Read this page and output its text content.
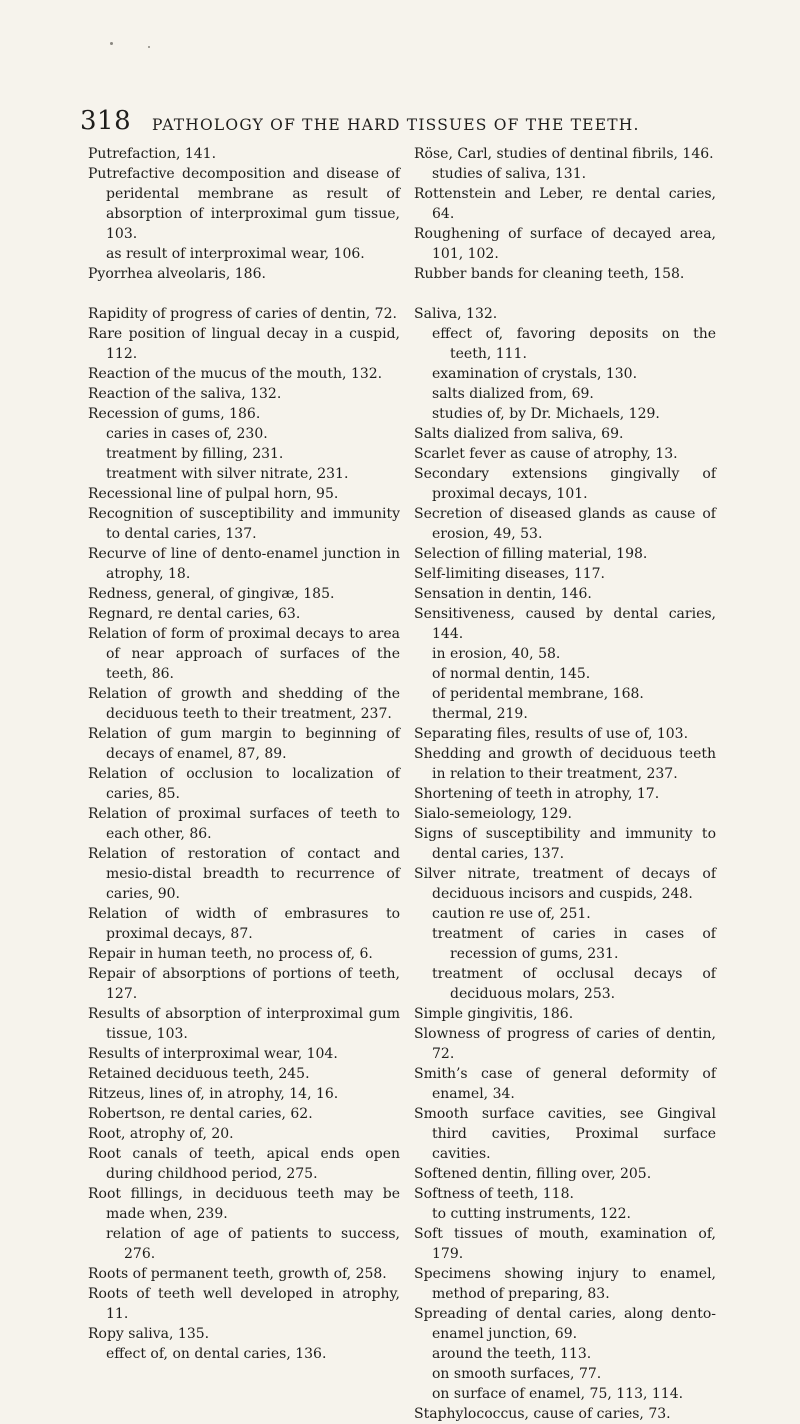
318 PATHOLOGY OF THE HARD TISSUES OF THE TEETH.

Putrefaction, 141.

Putrefactive decomposition and disease of peridental membrane as result of absorption of interproximal gum tissue, 103.

as result of interproximal wear, 106.

Pyorrhea alveolaris, 186.

Rapidity of progress of caries of dentin, 72.

Rare position of lingual decay in a cuspid, 112.

Reaction of the mucus of the mouth, 132.

Reaction of the saliva, 132.

Recession of gums, 186.

caries in cases of, 230.

treatment by filling, 231.

treatment with silver nitrate, 231.

Recessional line of pulpal horn, 95.

Recognition of susceptibility and immunity to dental caries, 137.

Recurve of line of dento-enamel junction in atrophy, 18.

Redness, general, of gingivæ, 185.

Regnard, re dental caries, 63.

Relation of form of proximal decays to area of near approach of surfaces of the teeth, 86.

Relation of growth and shedding of the deciduous teeth to their treatment, 237.

Relation of gum margin to beginning of decays of enamel, 87, 89.

Relation of occlusion to localization of caries, 85.

Relation of proximal surfaces of teeth to each other, 86.

Relation of restoration of contact and mesio-distal breadth to recurrence of caries, 90.

Relation of width of embrasures to proximal decays, 87.

Repair in human teeth, no process of, 6.

Repair of absorptions of portions of teeth, 127.

Results of absorption of interproximal gum tissue, 103.

Results of interproximal wear, 104.

Retained deciduous teeth, 245.

Ritzeus, lines of, in atrophy, 14, 16.

Robertson, re dental caries, 62.

Root, atrophy of, 20.

Root canals of teeth, apical ends open during childhood period, 275.

Root fillings, in deciduous teeth may be made when, 239.

relation of age of patients to success, 276.

Roots of permanent teeth, growth of, 258.

Roots of teeth well developed in atrophy, 11.

Ropy saliva, 135.

effect of, on dental caries, 136.

Röse, Carl, studies of dentinal fibrils, 146.

studies of saliva, 131.

Rottenstein and Leber, re dental caries, 64.

Roughening of surface of decayed area, 101, 102.

Rubber bands for cleaning teeth, 158.

Saliva, 132.

effect of, favoring deposits on the teeth, 111.

examination of crystals, 130.

salts dialized from, 69.

studies of, by Dr. Michaels, 129.

Salts dialized from saliva, 69.

Scarlet fever as cause of atrophy, 13.

Secondary extensions gingivally of proximal decays, 101.

Secretion of diseased glands as cause of erosion, 49, 53.

Selection of filling material, 198.

Self-limiting diseases, 117.

Sensation in dentin, 146.

Sensitiveness, caused by dental caries, 144.

in erosion, 40, 58.

of normal dentin, 145.

of peridental membrane, 168.

thermal, 219.

Separating files, results of use of, 103.

Shedding and growth of deciduous teeth in relation to their treatment, 237.

Shortening of teeth in atrophy, 17.

Sialo-semeiology, 129.

Signs of susceptibility and immunity to dental caries, 137.

Silver nitrate, treatment of decays of deciduous incisors and cuspids, 248.

caution re use of, 251.

treatment of caries in cases of recession of gums, 231.

treatment of occlusal decays of deciduous molars, 253.

Simple gingivitis, 186.

Slowness of progress of caries of dentin, 72.

Smith’s case of general deformity of enamel, 34.

Smooth surface cavities, see Gingival third cavities, Proximal surface cavities.

Softened dentin, filling over, 205.

Softness of teeth, 118.

to cutting instruments, 122.

Soft tissues of mouth, examination of, 179.

Specimens showing injury to enamel, method of preparing, 83.

Spreading of dental caries, along dento-enamel junction, 69.

around the teeth, 113.

on smooth surfaces, 77.

on surface of enamel, 75, 113, 114.

Staphylococcus, cause of caries, 73.
